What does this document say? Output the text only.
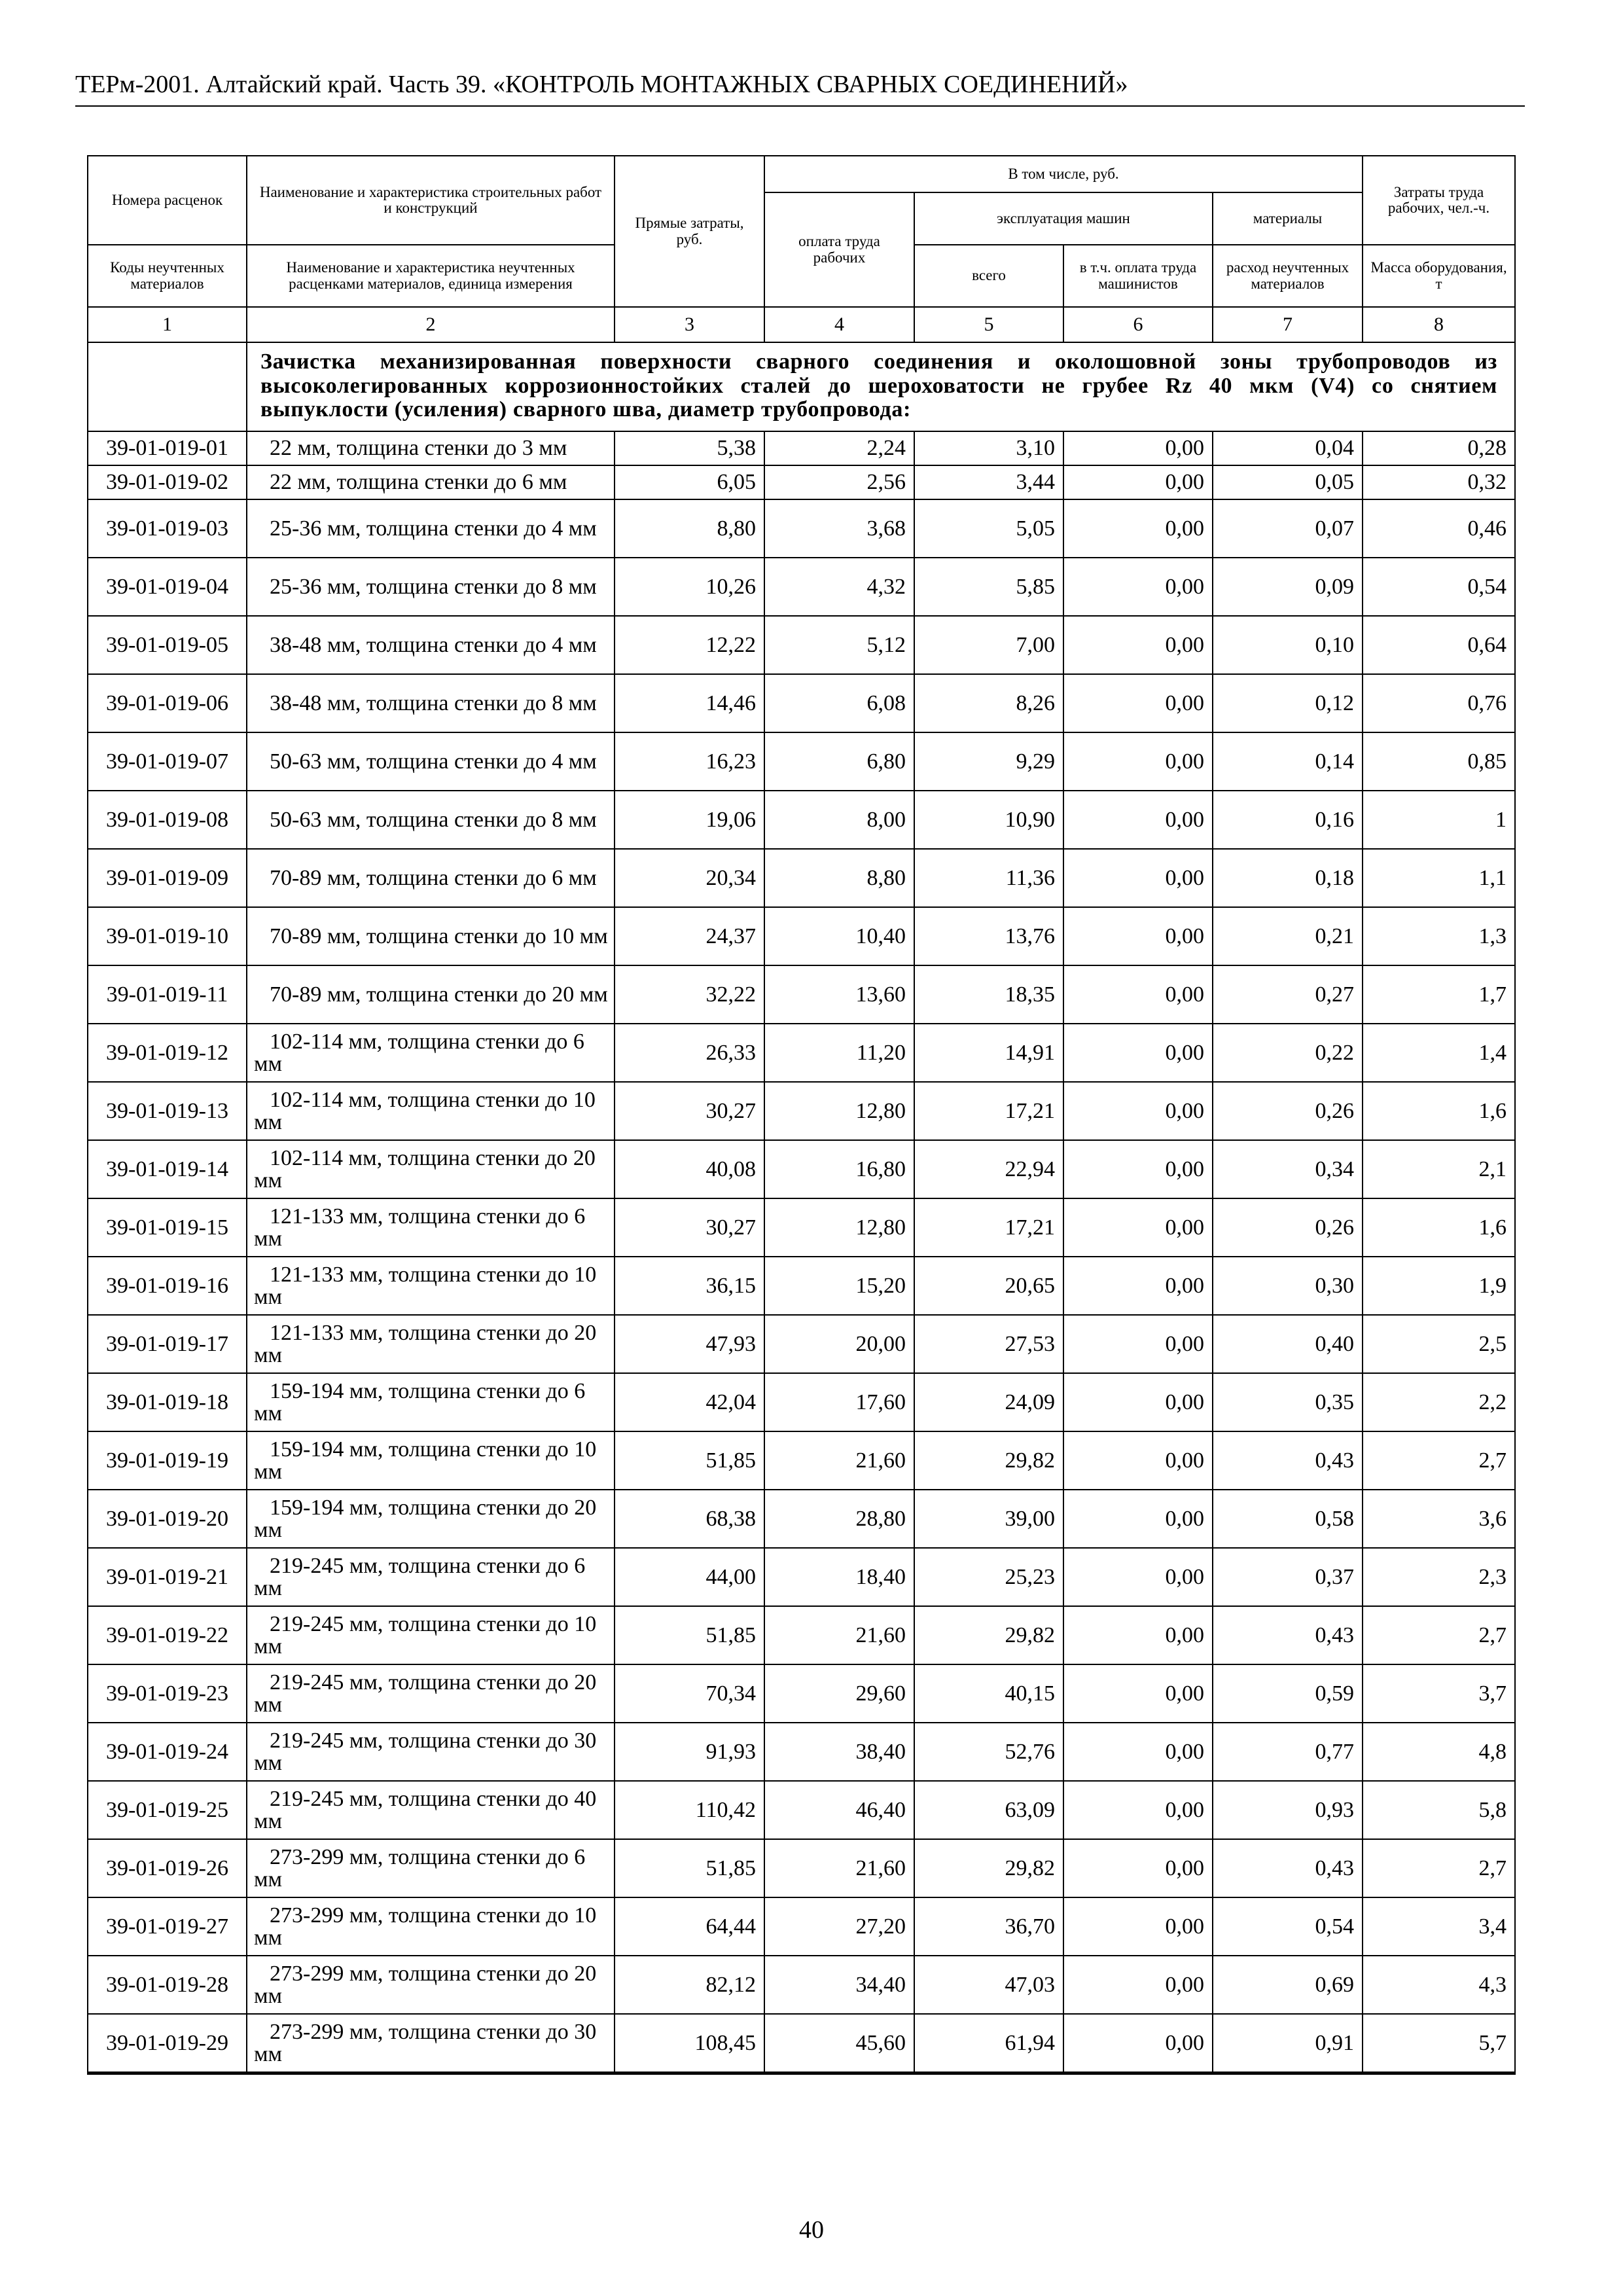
ТЕРм-2001. Алтайский край. Часть 39. «КОНТРОЛЬ МОНТАЖНЫХ СВАРНЫХ СОЕДИНЕНИЙ»
Номера расценок	Наименование и характеристика строительных работ и конструкций	Прямые затраты, руб.	В том числе, руб.				Затраты труда рабочих, чел.-ч.
			оплата труда рабочих	эксплуатация машин		материалы	
Коды неучтенных материалов	Наименование и характеристика неучтенных расценками материалов, единица измерения			всего	в т.ч. оплата труда машинистов	расход неучтенных материалов	Масса оборудования, т
1	2	3	4	5	6	7	8
	Зачистка механизированная поверхности сварного соединения и околошовной зоны трубопроводов из высоколегированных коррозионностойких сталей до шероховатости не грубее Rz 40 мкм (V4) со снятием выпуклости (усиления) сварного шва, диаметр трубопровода:						
39-01-019-01	22 мм, толщина стенки до 3 мм	5,38	2,24	3,10	0,00	0,04	0,28
39-01-019-02	22 мм, толщина стенки до 6 мм	6,05	2,56	3,44	0,00	0,05	0,32
39-01-019-03	25-36 мм, толщина стенки до 4 мм	8,80	3,68	5,05	0,00	0,07	0,46
39-01-019-04	25-36 мм, толщина стенки до 8 мм	10,26	4,32	5,85	0,00	0,09	0,54
39-01-019-05	38-48 мм, толщина стенки до 4 мм	12,22	5,12	7,00	0,00	0,10	0,64
39-01-019-06	38-48 мм, толщина стенки до 8 мм	14,46	6,08	8,26	0,00	0,12	0,76
39-01-019-07	50-63 мм, толщина стенки до 4 мм	16,23	6,80	9,29	0,00	0,14	0,85
39-01-019-08	50-63 мм, толщина стенки до 8 мм	19,06	8,00	10,90	0,00	0,16	1
39-01-019-09	70-89 мм, толщина стенки до 6 мм	20,34	8,80	11,36	0,00	0,18	1,1
39-01-019-10	70-89 мм, толщина стенки до 10 мм	24,37	10,40	13,76	0,00	0,21	1,3
39-01-019-11	70-89 мм, толщина стенки до 20 мм	32,22	13,60	18,35	0,00	0,27	1,7
39-01-019-12	102-114 мм, толщина стенки до 6 мм	26,33	11,20	14,91	0,00	0,22	1,4
39-01-019-13	102-114 мм, толщина стенки до 10 мм	30,27	12,80	17,21	0,00	0,26	1,6
39-01-019-14	102-114 мм, толщина стенки до 20 мм	40,08	16,80	22,94	0,00	0,34	2,1
39-01-019-15	121-133 мм, толщина стенки до 6 мм	30,27	12,80	17,21	0,00	0,26	1,6
39-01-019-16	121-133 мм, толщина стенки до 10 мм	36,15	15,20	20,65	0,00	0,30	1,9
39-01-019-17	121-133 мм, толщина стенки до 20 мм	47,93	20,00	27,53	0,00	0,40	2,5
39-01-019-18	159-194 мм, толщина стенки до 6 мм	42,04	17,60	24,09	0,00	0,35	2,2
39-01-019-19	159-194 мм, толщина стенки до 10 мм	51,85	21,60	29,82	0,00	0,43	2,7
39-01-019-20	159-194 мм, толщина стенки до 20 мм	68,38	28,80	39,00	0,00	0,58	3,6
39-01-019-21	219-245 мм, толщина стенки до 6 мм	44,00	18,40	25,23	0,00	0,37	2,3
39-01-019-22	219-245 мм, толщина стенки до 10 мм	51,85	21,60	29,82	0,00	0,43	2,7
39-01-019-23	219-245 мм, толщина стенки до 20 мм	70,34	29,60	40,15	0,00	0,59	3,7
39-01-019-24	219-245 мм, толщина стенки до 30 мм	91,93	38,40	52,76	0,00	0,77	4,8
39-01-019-25	219-245 мм, толщина стенки до 40 мм	110,42	46,40	63,09	0,00	0,93	5,8
39-01-019-26	273-299 мм, толщина стенки до 6 мм	51,85	21,60	29,82	0,00	0,43	2,7
39-01-019-27	273-299 мм, толщина стенки до 10 мм	64,44	27,20	36,70	0,00	0,54	3,4
39-01-019-28	273-299 мм, толщина стенки до 20 мм	82,12	34,40	47,03	0,00	0,69	4,3
39-01-019-29	273-299 мм, толщина стенки до 30 мм	108,45	45,60	61,94	0,00	0,91	5,7
40
